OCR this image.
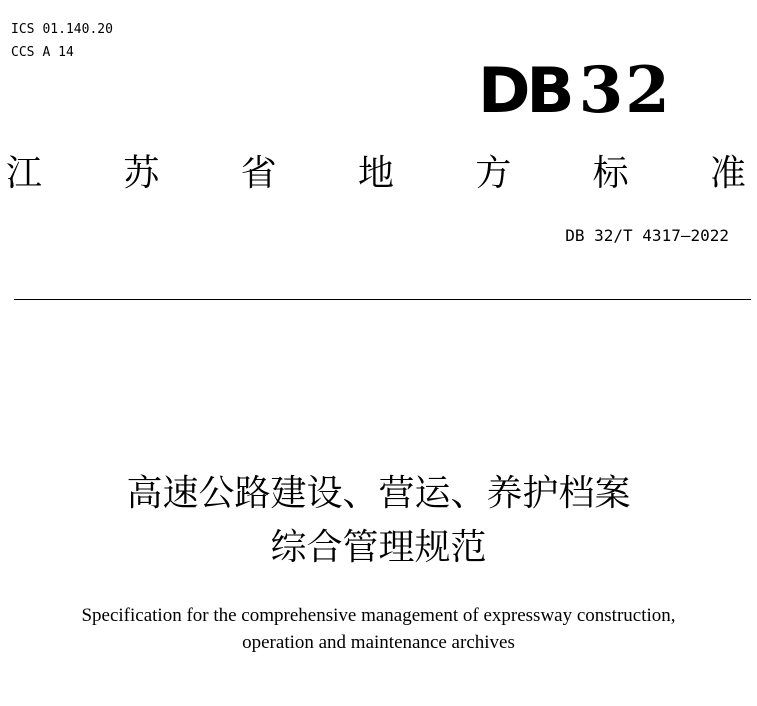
ICS 01.140.20
CCS A 14
DB 32
江 苏 省 地 方 标 准
DB 32/T 4317—2022
高速公路建设、营运、养护档案
综合管理规范
Specification for the comprehensive management of expressway construction,
operation and maintenance archives
